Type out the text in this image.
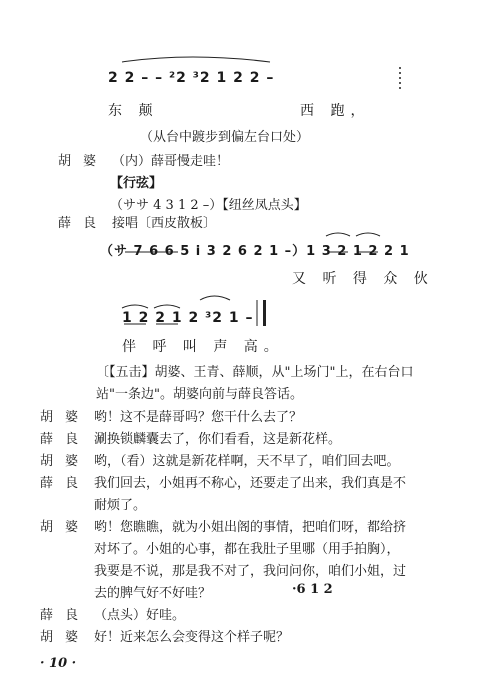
2 2 – – ²2 ³2 1 2 2 –
东 颠	西 跑，
（从台中踱步到偏左台口处）
胡婆 （内）薛哥慢走哇！
【行弦】
（ササ 4 3 1 2 –）【纽丝凤点头】
薛良 接唱〔西皮散板〕
（サ 7 6 6 5 i 3 2 6 2 1 –）1 3 2 1 2 2 1
又 听 得 众 伙
1 2 2 1 2 ³2 1 –
伴 呼 叫 声 高。
〔【五击】胡婆、王青、薛顺，从"上场门"上，在右台口站"一条边"。胡婆向前与薛良答话。
胡婆 哟！这不是薛哥吗？您干什么去了？
薛良 涮换锁麟囊去了，你们看看，这是新花样。
胡婆 哟，（看）这就是新花样啊，天不早了，咱们回去吧。
薛良 我们回去，小姐再不称心，还要走了出来，我们真是不
耐烦了。
胡婆 哟！您瞧瞧，就为小姐出阁的事情，把咱们呀，都给挤
对坏了。小姐的心事，都在我肚子里哪（用手拍胸），
我要是不说，那是我不对了，我问问你，咱们小姐，过
去的脾气好不好哇？	·6 1 2
薛良 （点头）好哇。
胡婆 好！近来怎么会变得这个样子呢？
· 10 ·
